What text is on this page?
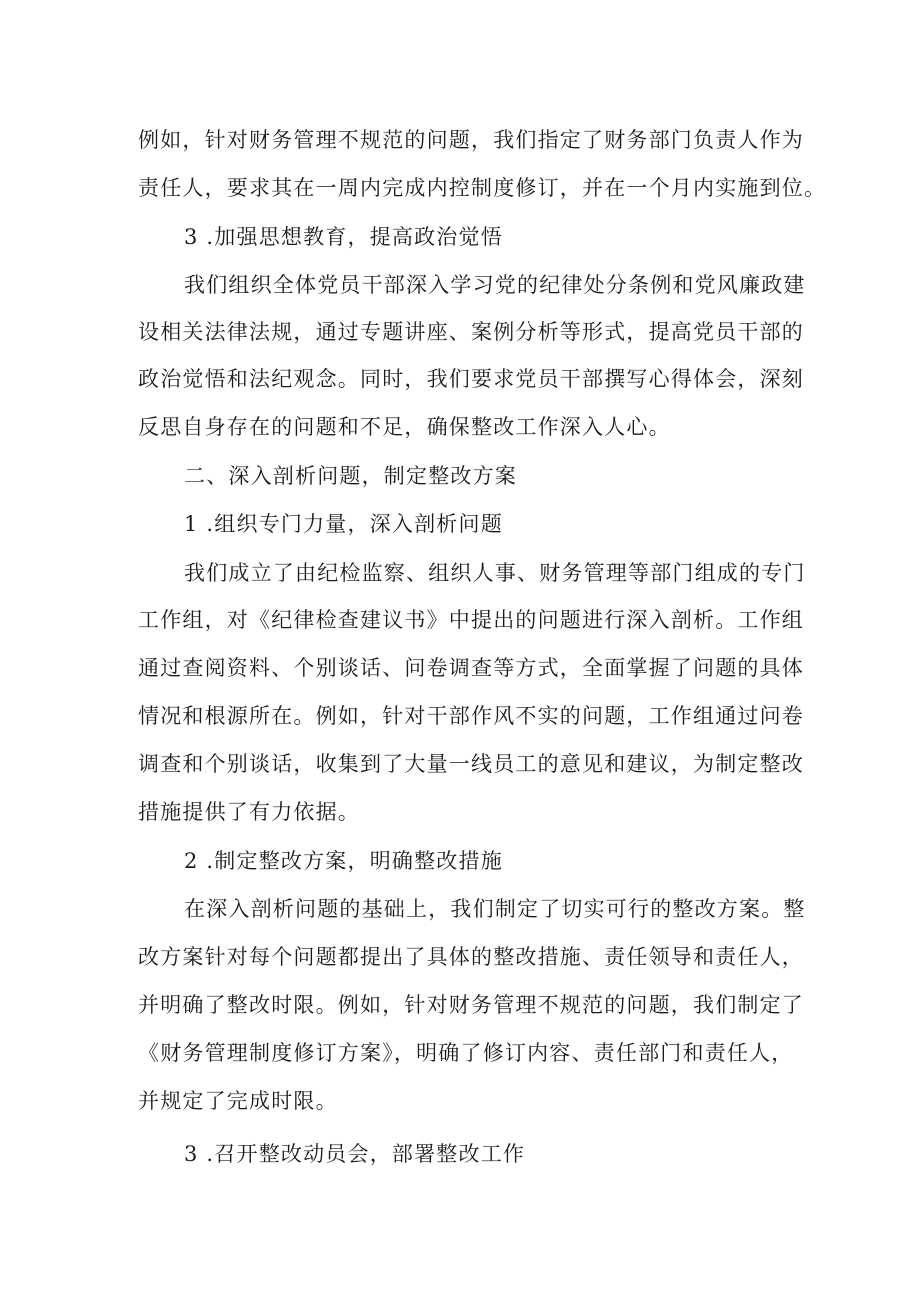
例如，针对财务管理不规范的问题，我们指定了财务部门负责人作为
责任人，要求其在一周内完成内控制度修订，并在一个月内实施到位。
3 .加强思想教育，提高政治觉悟
我们组织全体党员干部深入学习党的纪律处分条例和党风廉政建
设相关法律法规，通过专题讲座、案例分析等形式，提高党员干部的
政治觉悟和法纪观念。同时，我们要求党员干部撰写心得体会，深刻
反思自身存在的问题和不足，确保整改工作深入人心。
二、深入剖析问题，制定整改方案
1 .组织专门力量，深入剖析问题
我们成立了由纪检监察、组织人事、财务管理等部门组成的专门
工作组，对《纪律检查建议书》中提出的问题进行深入剖析。工作组
通过查阅资料、个别谈话、问卷调查等方式，全面掌握了问题的具体
情况和根源所在。例如，针对干部作风不实的问题，工作组通过问卷
调查和个别谈话，收集到了大量一线员工的意见和建议，为制定整改
措施提供了有力依据。
2 .制定整改方案，明确整改措施
在深入剖析问题的基础上，我们制定了切实可行的整改方案。整
改方案针对每个问题都提出了具体的整改措施、责任领导和责任人，
并明确了整改时限。例如，针对财务管理不规范的问题，我们制定了
《财务管理制度修订方案》，明确了修订内容、责任部门和责任人，
并规定了完成时限。
3 .召开整改动员会，部署整改工作
